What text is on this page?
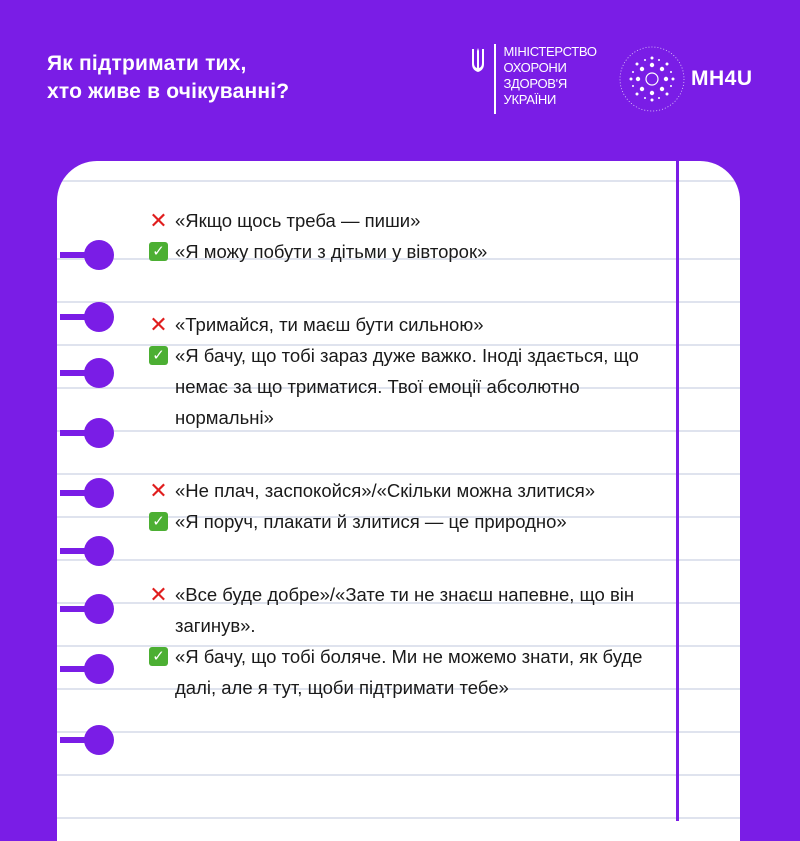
Як підтримати тих,
хто живе в очікуванні?
МІНІСТЕРСТВО
ОХОРОНИ
ЗДОРОВ'Я
УКРАЇНИ
MH4U
✕ «Якщо щось треба — пиши»
✓ «Я можу побути з дітьми у вівторок»
✕ «Тримайся, ти маєш бути сильною»
✓ «Я бачу, що тобі зараз дуже важко. Іноді здається, що немає за що триматися. Твої емоції абсолютно нормальні»
✕ «Не плач, заспокойся»/«Скільки можна злитися»
✓ «Я поруч, плакати й злитися — це природно»
✕ «Все буде добре»/«Зате ти не знаєш напевне, що він загинув».
✓ «Я бачу, що тобі боляче. Ми не можемо знати, як буде далі, але я тут, щоби підтримати тебе»
